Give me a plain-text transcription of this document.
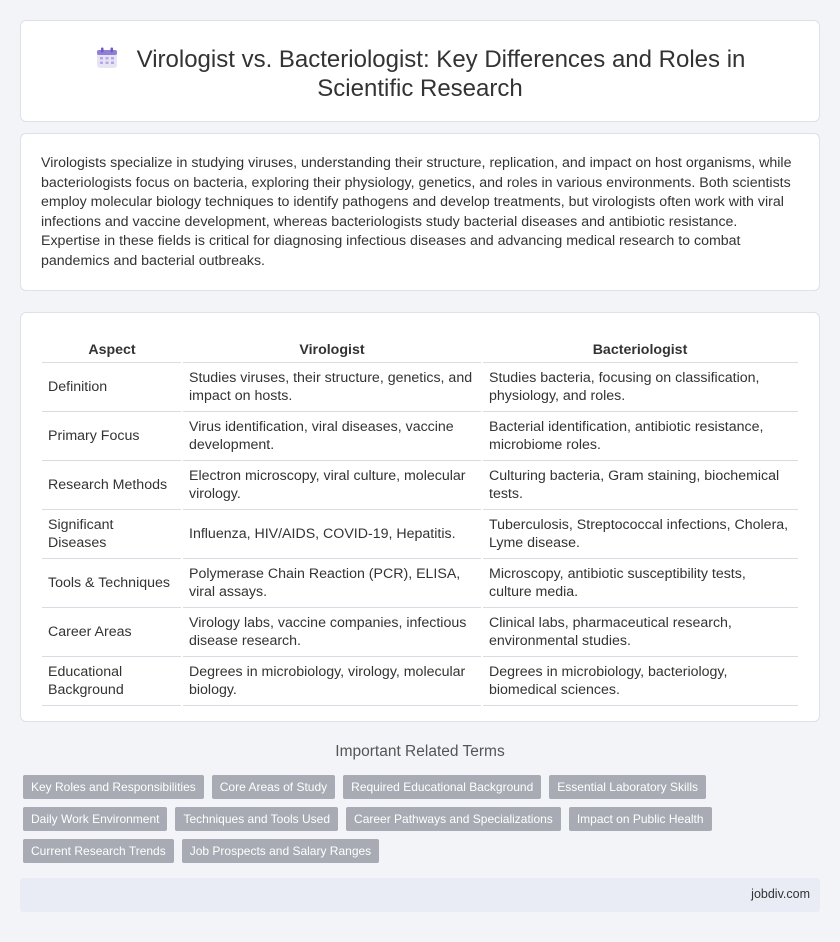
Virologist vs. Bacteriologist: Key Differences and Roles in Scientific Research

Virologists specialize in studying viruses, understanding their structure, replication, and impact on host organisms, while bacteriologists focus on bacteria, exploring their physiology, genetics, and roles in various environments. Both scientists employ molecular biology techniques to identify pathogens and develop treatments, but virologists often work with viral infections and vaccine development, whereas bacteriologists study bacterial diseases and antibiotic resistance. Expertise in these fields is critical for diagnosing infectious diseases and advancing medical research to combat pandemics and bacterial outbreaks.

Aspect	Virologist	Bacteriologist
Definition	Studies viruses, their structure, genetics, and impact on hosts.	Studies bacteria, focusing on classification, physiology, and roles.
Primary Focus	Virus identification, viral diseases, vaccine development.	Bacterial identification, antibiotic resistance, microbiome roles.
Research Methods	Electron microscopy, viral culture, molecular virology.	Culturing bacteria, Gram staining, biochemical tests.
Significant Diseases	Influenza, HIV/AIDS, COVID-19, Hepatitis.	Tuberculosis, Streptococcal infections, Cholera, Lyme disease.
Tools & Techniques	Polymerase Chain Reaction (PCR), ELISA, viral assays.	Microscopy, antibiotic susceptibility tests, culture media.
Career Areas	Virology labs, vaccine companies, infectious disease research.	Clinical labs, pharmaceutical research, environmental studies.
Educational Background	Degrees in microbiology, virology, molecular biology.	Degrees in microbiology, bacteriology, biomedical sciences.
Important Related Terms
Key Roles and Responsibilities	Core Areas of Study	Required Educational Background	Essential Laboratory Skills
Daily Work Environment	Techniques and Tools Used	Career Pathways and Specializations	Impact on Public Health
Current Research Trends	Job Prospects and Salary Ranges
jobdiv.com
